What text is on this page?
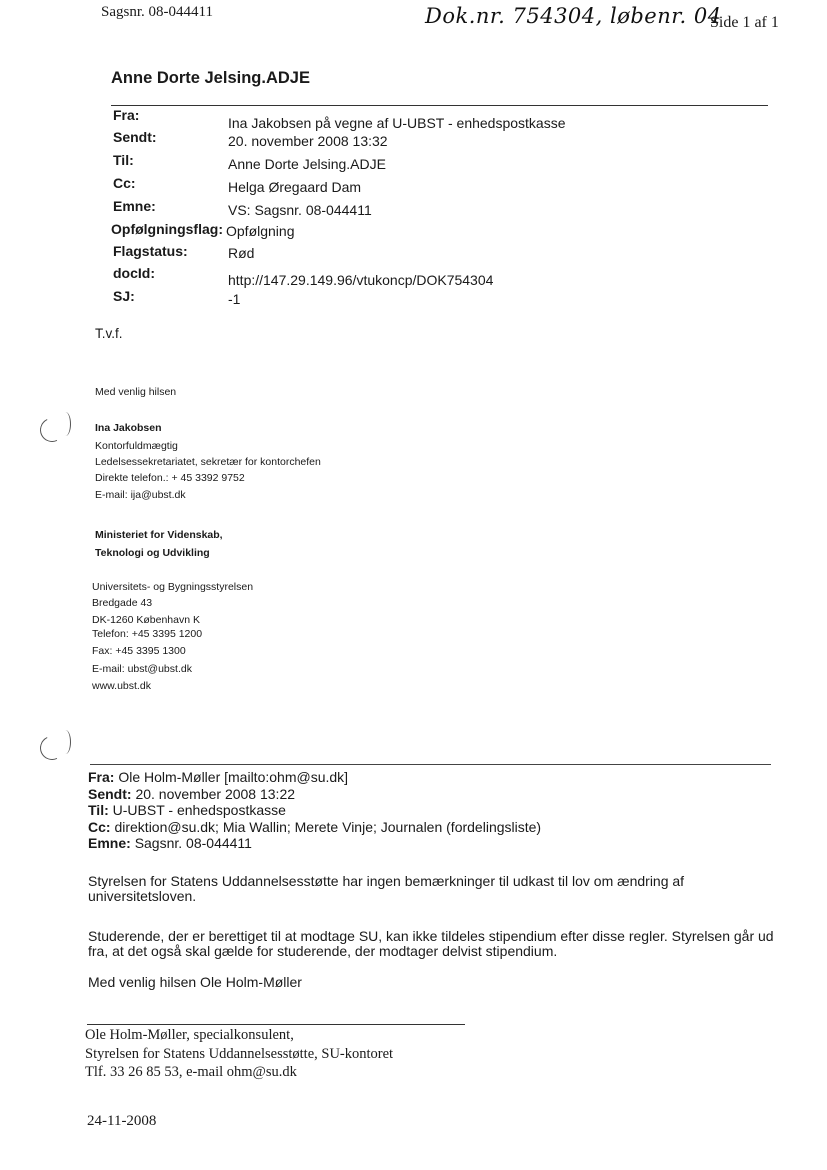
Sagsnr. 08-044411	Dok.nr. 754304, løbenr. 04
Side 1 af 1
Anne Dorte Jelsing.ADJE
Fra:	Ina Jakobsen på vegne af U-UBST - enhedspostkasse
Sendt:	20. november 2008 13:32
Til:	Anne Dorte Jelsing.ADJE
Cc:	Helga Øregaard Dam
Emne:	VS: Sagsnr. 08-044411
Opfølgningsflag: Opfølgning
Flagstatus:	Rød
docId:	http://147.29.149.96/vtukoncp/DOK754304
SJ:	-1
T.v.f.
Med venlig hilsen
Ina Jakobsen
Kontorfuldmægtig
Ledelsessekretariatet, sekretær for kontorchefen
Direkte telefon.: + 45 3392 9752
E-mail: ija@ubst.dk
Ministeriet for Videnskab,
Teknologi og Udvikling
Universitets- og Bygningsstyrelsen
Bredgade 43
DK-1260 København K
Telefon: +45 3395 1200
Fax: +45 3395 1300
E-mail: ubst@ubst.dk
www.ubst.dk
Fra: Ole Holm-Møller [mailto:ohm@su.dk]
Sendt: 20. november 2008 13:22
Til: U-UBST - enhedspostkasse
Cc: direktion@su.dk; Mia Wallin; Merete Vinje; Journalen (fordelingsliste)
Emne: Sagsnr. 08-044411
Styrelsen for Statens Uddannelsesstøtte har ingen bemærkninger til udkast til lov om ændring af
universitetsloven.
Studerende, der er berettiget til at modtage SU, kan ikke tildeles stipendium efter disse regler. Styrelsen går ud
fra, at det også skal gælde for studerende, der modtager delvist stipendium.
Med venlig hilsen Ole Holm-Møller
Ole Holm-Møller, specialkonsulent,
Styrelsen for Statens Uddannelsesstøtte, SU-kontoret
Tlf. 33 26 85 53, e-mail ohm@su.dk
24-11-2008
